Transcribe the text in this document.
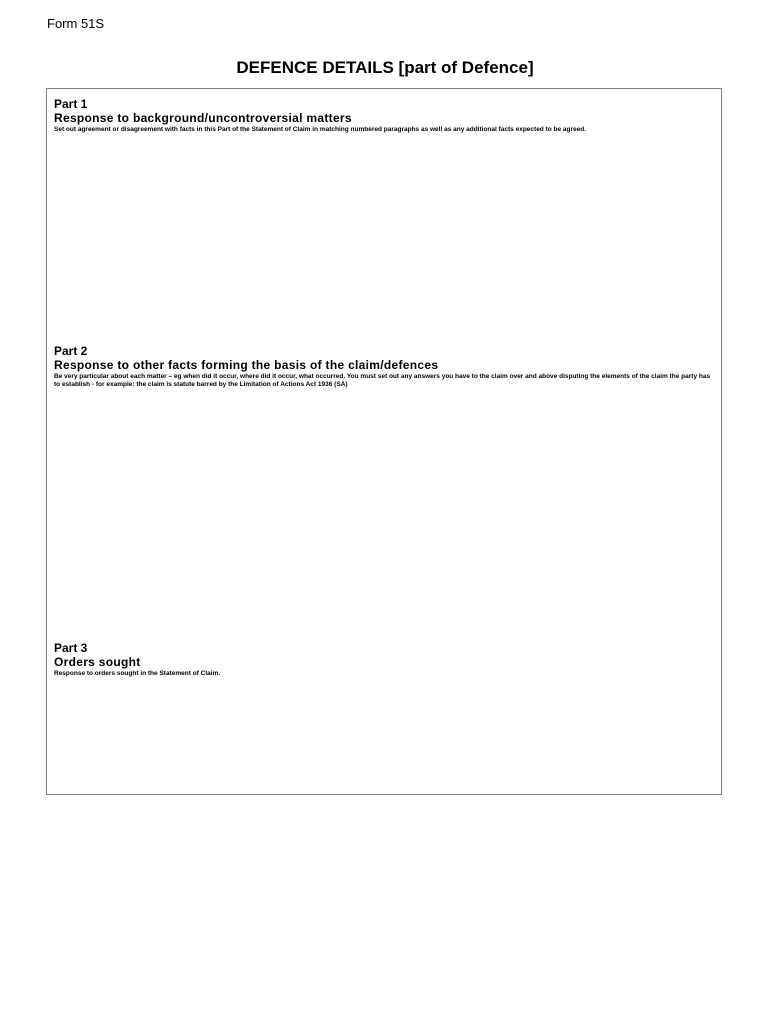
Form 51S
DEFENCE DETAILS [part of Defence]
Part 1
Response to background/uncontroversial matters
Set out agreement or disagreement with facts in this Part of the Statement of Claim in matching numbered paragraphs as well as any additional facts expected to be agreed.
Part 2
Response to other facts forming the basis of the claim/defences
Be very particular about each matter – eg when did it occur, where did it occur, what occurred. You must set out any answers you have to the claim over and above disputing the elements of the claim the party has to establish - for example: the claim is statute barred by the Limitation of Actions Act 1936 (SA)
Part 3
Orders sought
Response to orders sought in the Statement of Claim.
